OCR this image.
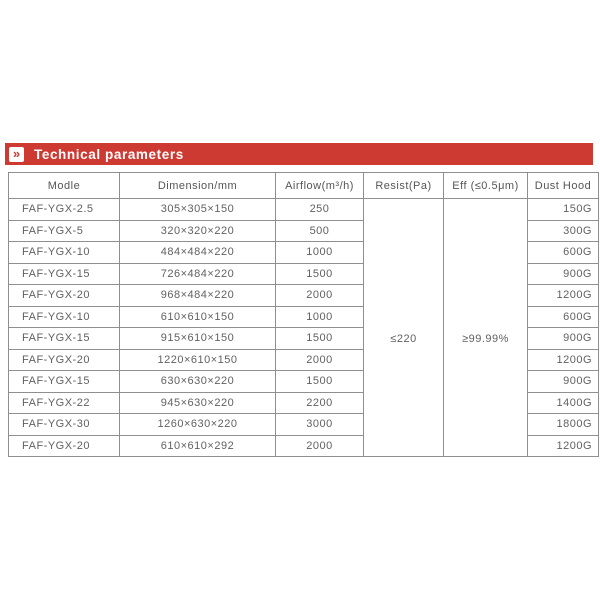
» Technical parameters
Modle	Dimension/mm	Airflow(m³/h)	Resist(Pa)	Eff (≤0.5μm)	Dust Hood
FAF-YGX-2.5	305×305×150	250	≤220	≥99.99%	150G
FAF-YGX-5	320×320×220	500			300G
FAF-YGX-10	484×484×220	1000			600G
FAF-YGX-15	726×484×220	1500			900G
FAF-YGX-20	968×484×220	2000			1200G
FAF-YGX-10	610×610×150	1000			600G
FAF-YGX-15	915×610×150	1500			900G
FAF-YGX-20	1220×610×150	2000			1200G
FAF-YGX-15	630×630×220	1500			900G
FAF-YGX-22	945×630×220	2200			1400G
FAF-YGX-30	1260×630×220	3000			1800G
FAF-YGX-20	610×610×292	2000			1200G
